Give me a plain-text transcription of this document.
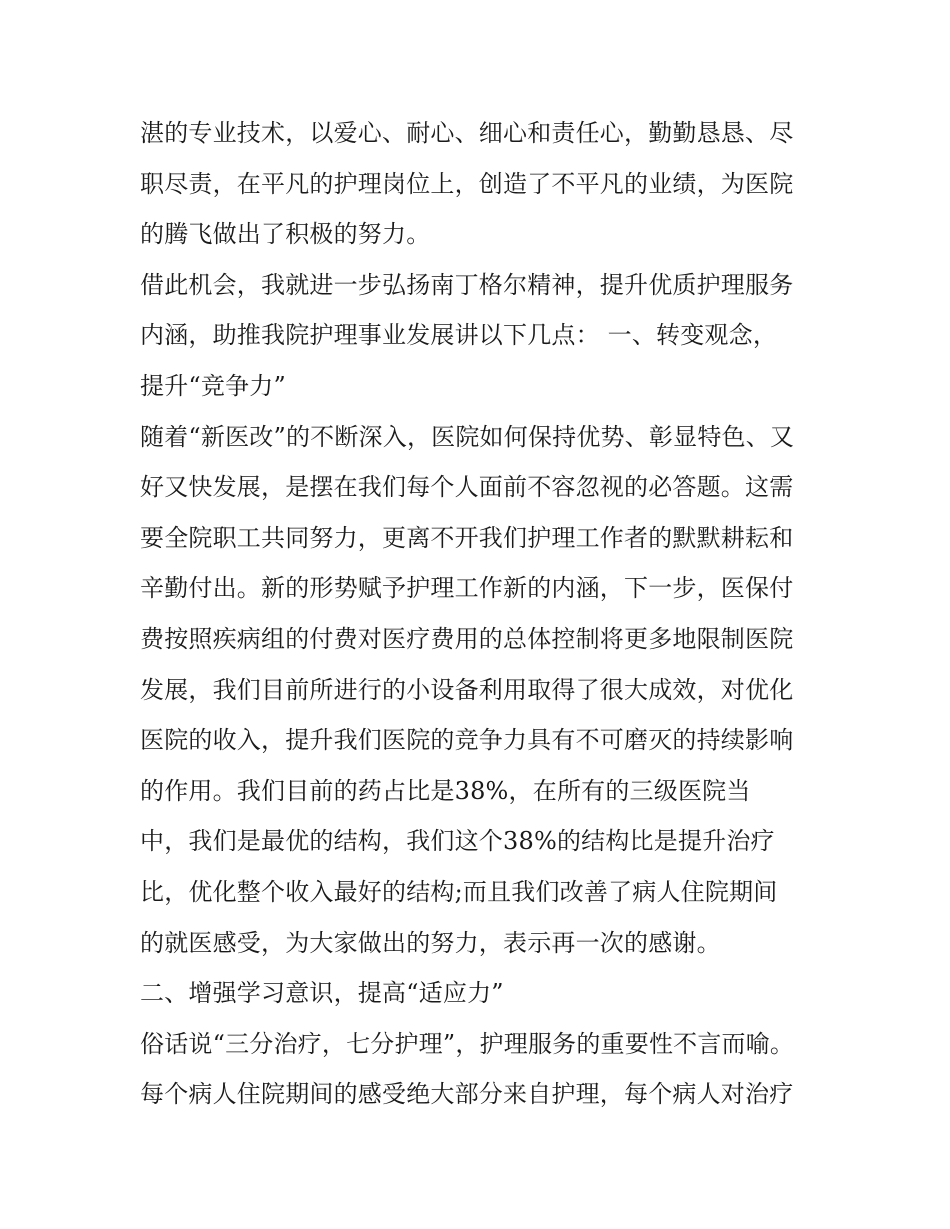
湛的专业技术，以爱心、耐心、细心和责任心，勤勤恳恳、尽
职尽责，在平凡的护理岗位上，创造了不平凡的业绩，为医院
的腾飞做出了积极的努力。
借此机会，我就进一步弘扬南丁格尔精神，提升优质护理服务
内涵，助推我院护理事业发展讲以下几点： 一、转变观念，
提升“竞争力”
随着“新医改”的不断深入，医院如何保持优势、彰显特色、又
好又快发展，是摆在我们每个人面前不容忽视的必答题。这需
要全院职工共同努力，更离不开我们护理工作者的默默耕耘和
辛勤付出。新的形势赋予护理工作新的内涵，下一步，医保付
费按照疾病组的付费对医疗费用的总体控制将更多地限制医院
发展，我们目前所进行的小设备利用取得了很大成效，对优化
医院的收入，提升我们医院的竞争力具有不可磨灭的持续影响
的作用。我们目前的药占比是38%，在所有的三级医院当
中，我们是最优的结构，我们这个38%的结构比是提升治疗
比，优化整个收入最好的结构;而且我们改善了病人住院期间
的就医感受，为大家做出的努力，表示再一次的感谢。
二、增强学习意识，提高“适应力”
俗话说“三分治疗，七分护理”，护理服务的重要性不言而喻。
每个病人住院期间的感受绝大部分来自护理，每个病人对治疗
